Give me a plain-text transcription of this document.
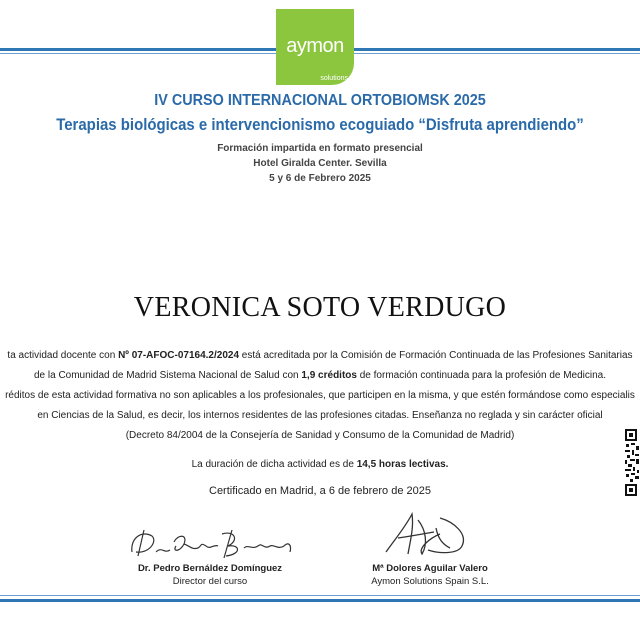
aymon
solutions
IV CURSO INTERNACIONAL ORTOBIOMSK 2025
Terapias biológicas e intervencionismo ecoguiado “Disfruta aprendiendo”
Formación impartida en formato presencial
Hotel Giralda Center. Sevilla
5 y 6 de Febrero 2025
VERONICA SOTO VERDUGO
ta actividad docente con Nº 07-AFOC-07164.2/2024 está acreditada por la Comisión de Formación Continuada de las Profesiones Sanitarias
de la Comunidad de Madrid Sistema Nacional de Salud con 1,9 créditos de formación continuada para la profesión de Medicina.
réditos de esta actividad formativa no son aplicables a los profesionales, que participen en la misma, y que estén formándose como especialis
en Ciencias de la Salud, es decir, los internos residentes de las profesiones citadas. Enseñanza no reglada y sin carácter oficial
(Decreto 84/2004 de la Consejería de Sanidad y Consumo de la Comunidad de Madrid)
La duración de dicha actividad es de 14,5 horas lectivas.
Certificado en Madrid, a 6 de febrero de 2025
Dr. Pedro Bernáldez Domínguez
Director del curso
Mª Dolores Aguilar Valero
Aymon Solutions Spain S.L.
